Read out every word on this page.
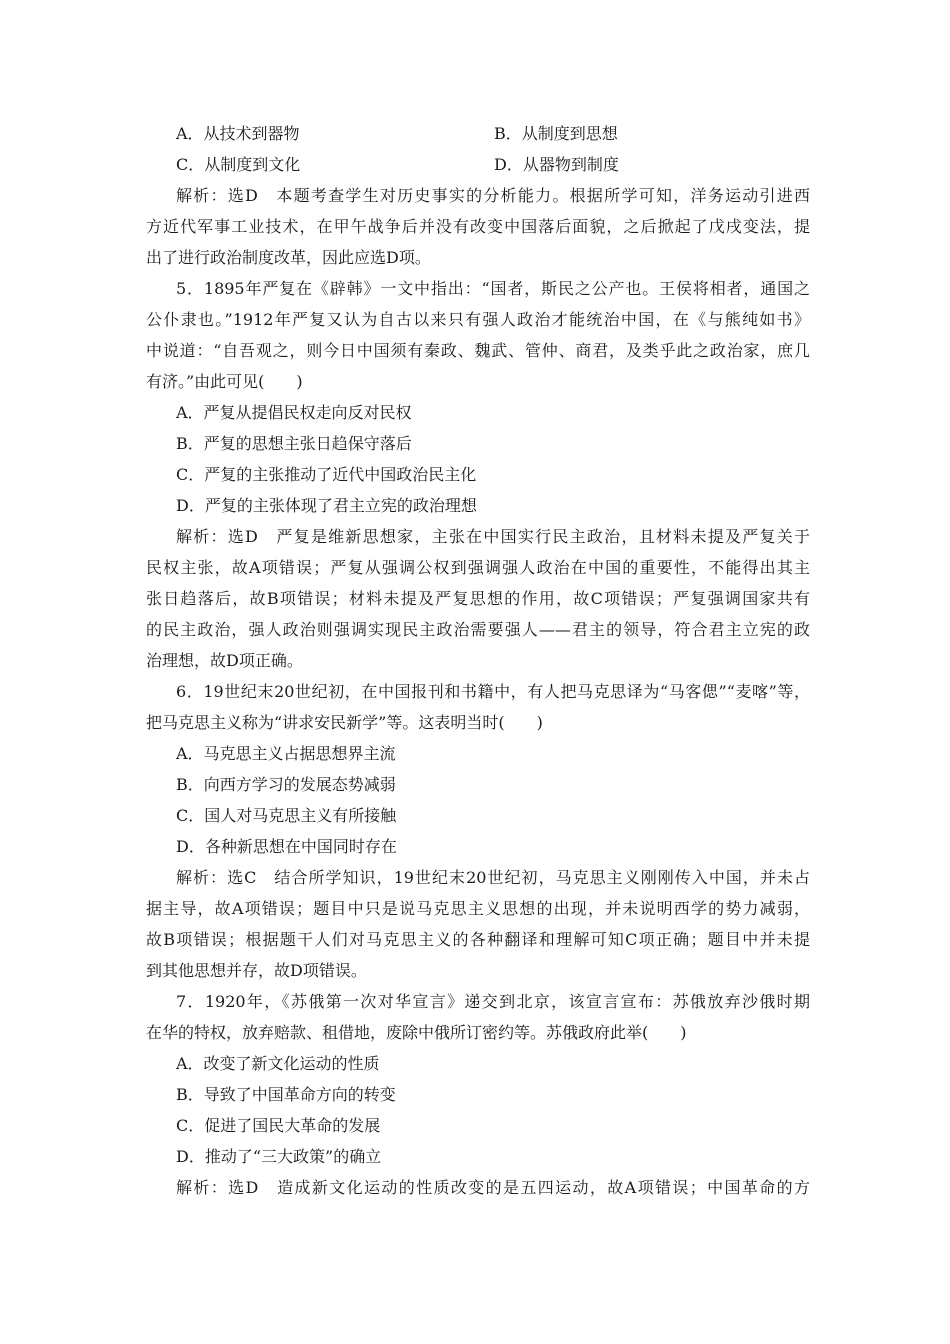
A．从技术到器物	B．从制度到思想
C．从制度到文化	D．从器物到制度
解析：选D　本题考查学生对历史事实的分析能力。根据所学可知，洋务运动引进西
方近代军事工业技术，在甲午战争后并没有改变中国落后面貌，之后掀起了戊戌变法，提
出了进行政治制度改革，因此应选D项。
5．1895年严复在《辟韩》一文中指出：“国者，斯民之公产也。王侯将相者，通国之
公仆隶也。”1912年严复又认为自古以来只有强人政治才能统治中国，在《与熊纯如书》
中说道：“自吾观之，则今日中国须有秦政、魏武、管仲、商君，及类乎此之政治家，庶几
有济。”由此可见(　　)
A．严复从提倡民权走向反对民权
B．严复的思想主张日趋保守落后
C．严复的主张推动了近代中国政治民主化
D．严复的主张体现了君主立宪的政治理想
解析：选D　严复是维新思想家，主张在中国实行民主政治，且材料未提及严复关于
民权主张，故A项错误；严复从强调公权到强调强人政治在中国的重要性，不能得出其主
张日趋落后，故B项错误；材料未提及严复思想的作用，故C项错误；严复强调国家共有
的民主政治，强人政治则强调实现民主政治需要强人——君主的领导，符合君主立宪的政
治理想，故D项正确。
6．19世纪末20世纪初，在中国报刊和书籍中，有人把马克思译为“马客偲”“麦喀”等，
把马克思主义称为“讲求安民新学”等。这表明当时(　　)
A．马克思主义占据思想界主流
B．向西方学习的发展态势减弱
C．国人对马克思主义有所接触
D．各种新思想在中国同时存在
解析：选C　结合所学知识，19世纪末20世纪初，马克思主义刚刚传入中国，并未占
据主导，故A项错误；题目中只是说马克思主义思想的出现，并未说明西学的势力减弱，
故B项错误；根据题干人们对马克思主义的各种翻译和理解可知C项正确；题目中并未提
到其他思想并存，故D项错误。
7．1920年，《苏俄第一次对华宣言》递交到北京，该宣言宣布：苏俄放弃沙俄时期
在华的特权，放弃赔款、租借地，废除中俄所订密约等。苏俄政府此举(　　)
A．改变了新文化运动的性质
B．导致了中国革命方向的转变
C．促进了国民大革命的发展
D．推动了“三大政策”的确立
解析：选D　造成新文化运动的性质改变的是五四运动，故A项错误；中国革命的方
